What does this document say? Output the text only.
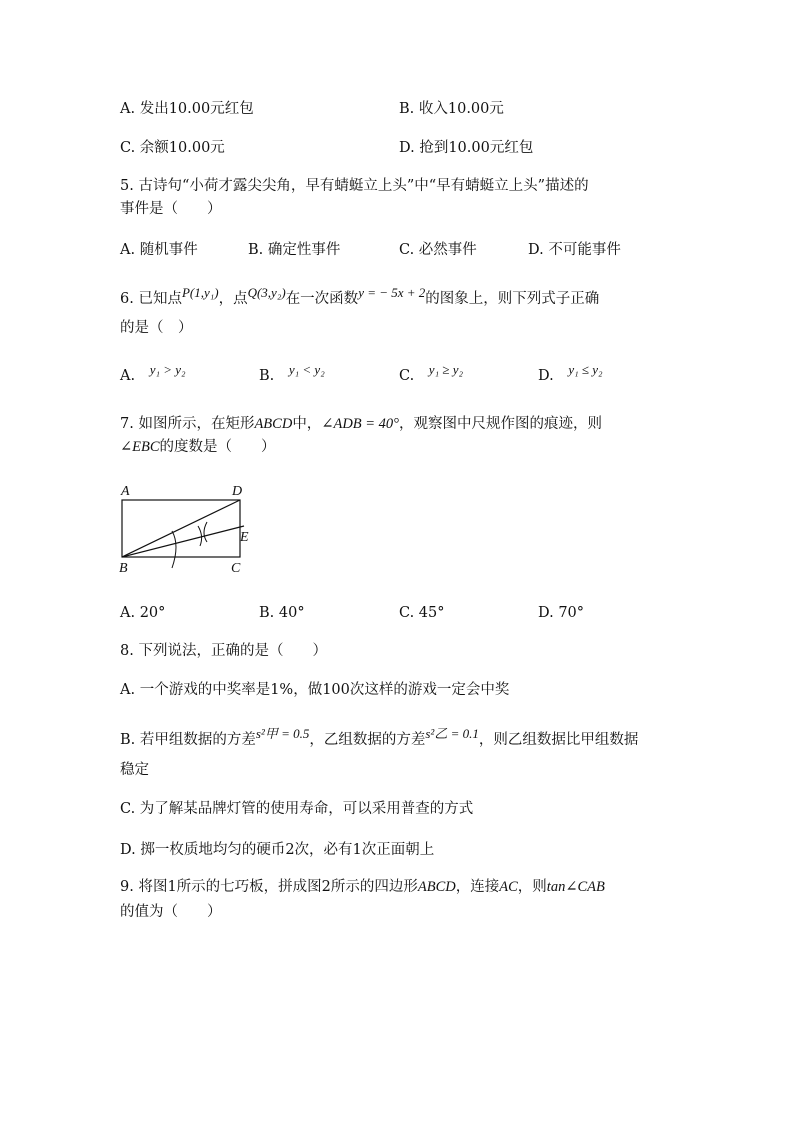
A. 发出10.00元红包	B. 收入10.00元
C. 余额10.00元	D. 抢到10.00元红包
5. 古诗句“小荷才露尖尖角，早有蜻蜓立上头”中“早有蜻蜓立上头”描述的
事件是（　　）
A. 随机事件	B. 确定性事件	C. 必然事件	D. 不可能事件
6. 已知点P(1,y₁)，点Q(3,y₂)在一次函数y = − 5x + 2的图象上，则下列式子正确
的是（　）
A. y₁ > y₂	B. y₁ < y₂	C. y₁ ≥ y₂	D. y₁ ≤ y₂
7. 如图所示，在矩形ABCD中，∠ADB = 40°，观察图中尺规作图的痕迹，则
∠EBC的度数是（　　）
A	D
E
B	C
A. 20°	B. 40°	C. 45°	D. 70°
8. 下列说法，正确的是（　　）
A. 一个游戏的中奖率是1%，做100次这样的游戏一定会中奖
B. 若甲组数据的方差s²甲 = 0.5，乙组数据的方差s²乙 = 0.1，则乙组数据比甲组数据
稳定
C. 为了解某品牌灯管的使用寿命，可以采用普查的方式
D. 掷一枚质地均匀的硬币2次，必有1次正面朝上
9. 将图1所示的七巧板，拼成图2所示的四边形ABCD，连接AC，则tan∠CAB
的值为（　　）
